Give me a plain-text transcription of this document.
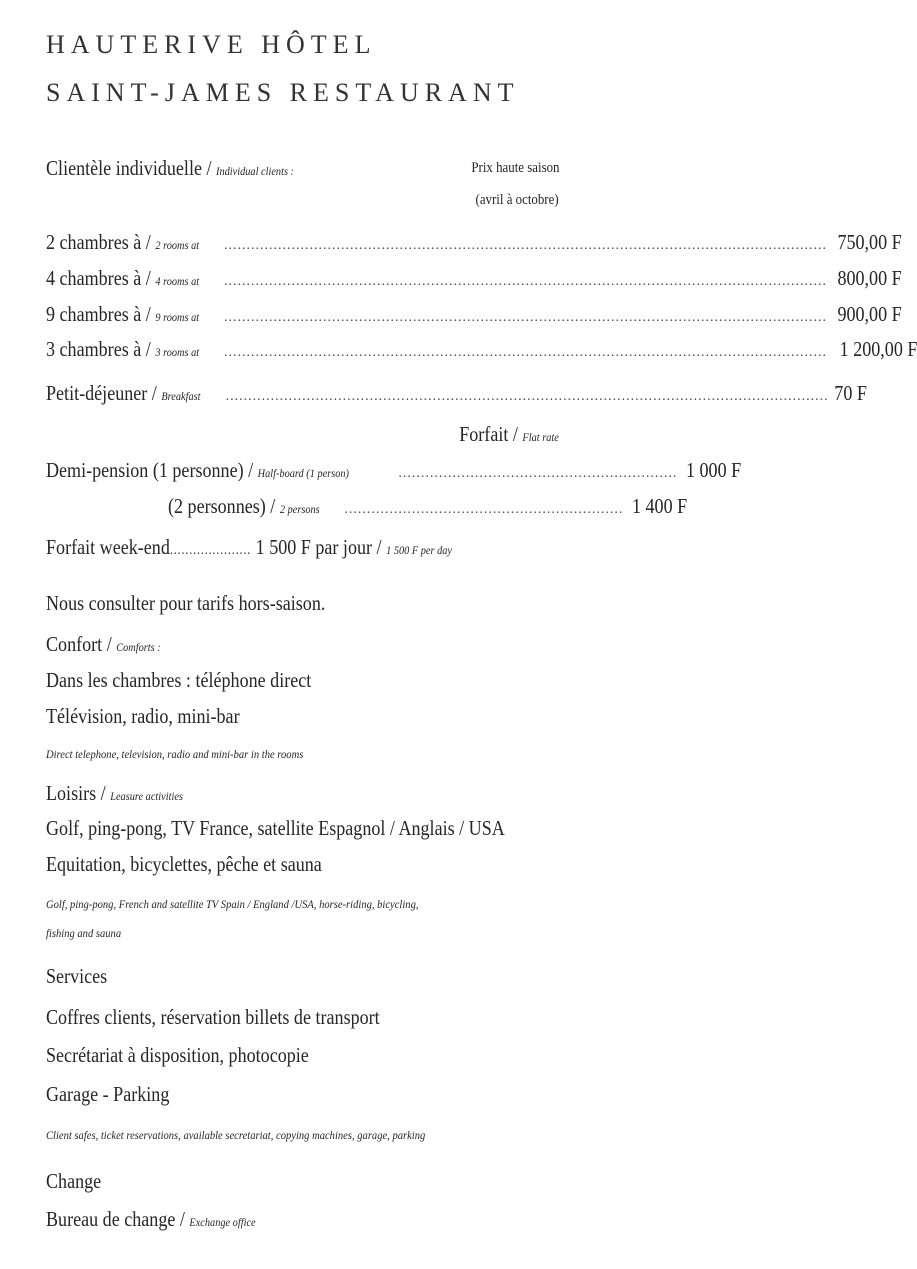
HAUTERIVE HÔTEL
SAINT-JAMES RESTAURANT
Clientèle individuelle / Individual clients :	Prix haute saison
(avril à octobre)
2 chambres à / 2 rooms at ...................................................................................................................................... 750,00 F
4 chambres à / 4 rooms at ...................................................................................................................................... 800,00 F
9 chambres à / 9 rooms at ...................................................................................................................................... 900,00 F
3 chambres à / 3 rooms at ...................................................................................................................................... 1 200,00 F
Petit-déjeuner / Breakfast ...................................................................................................................................... 70 F
Forfait / Flat rate
Demi-pension (1 personne) / Half-board (1 person)	.............................................................. 1 000 F
(2 personnes) / 2 persons .............................................................. 1 400 F
Forfait week-end..................... 1 500 F par jour / 1 500 F per day
Nous consulter pour tarifs hors-saison.
Confort / Comforts :
Dans les chambres : téléphone direct
Télévision, radio, mini-bar
Direct telephone, television, radio and mini-bar in the rooms
Loisirs / Leasure activities
Golf, ping-pong, TV France, satellite Espagnol / Anglais / USA
Equitation, bicyclettes, pêche et sauna
Golf, ping-pong, French and satellite TV Spain / England /USA, horse-riding, bicycling,
fishing and sauna
Services
Coffres clients, réservation billets de transport
Secrétariat à disposition, photocopie
Garage - Parking
Client safes, ticket reservations, available secretariat, copying machines, garage, parking
Change
Bureau de change / Exchange office
